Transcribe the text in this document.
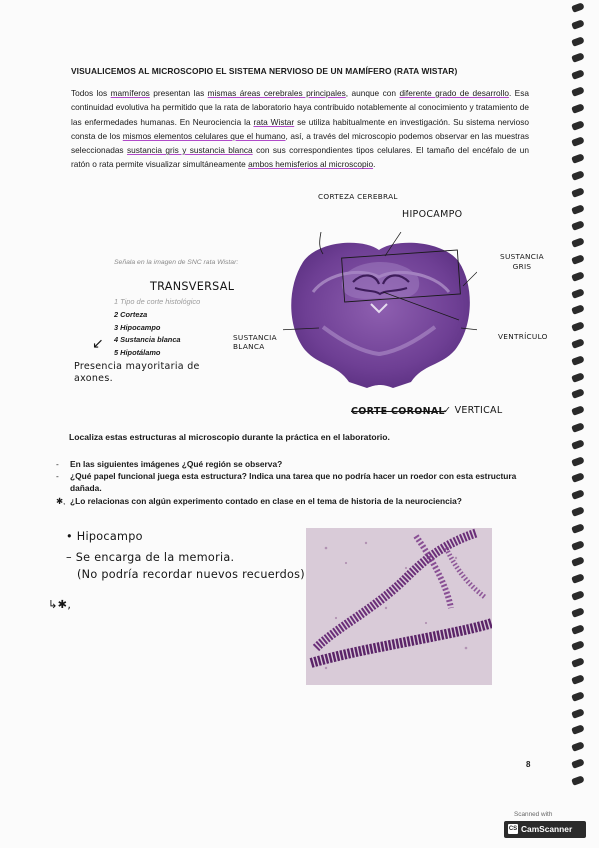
VISUALICEMOS AL MICROSCOPIO EL SISTEMA NERVIOSO DE UN MAMÍFERO (RATA WISTAR)
Todos los mamíferos presentan las mismas áreas cerebrales principales, aunque con diferente grado de desarrollo. Esa continuidad evolutiva ha permitido que la rata de laboratorio haya contribuido notablemente al conocimiento y tratamiento de las enfermedades humanas. En Neurociencia la rata Wistar se utiliza habitualmente en investigación. Su sistema nervioso consta de los mismos elementos celulares que el humano, así, a través del microscopio podemos observar en las muestras seleccionadas sustancia gris y sustancia blanca con sus correspondientes tipos celulares. El tamaño del encéfalo de un ratón o rata permite visualizar simultáneamente ambos hemisferios al microscopio.
CORTEZA CEREBRAL
HIPOCAMPO
SUSTANCIA GRIS
SUSTANCIA BLANCA
VENTRÍCULO
Señala en la imagen de SNC rata Wistar:
TRANSVERSAL
1 Tipo de corte histológico
2 Corteza
3 Hipocampo
4 Sustancia blanca
5 Hipotálamo
↙
Presencia mayoritaria de axones.
CORTE CORONAL
✓ VERTICAL
Localiza estas estructuras al microscopio durante la práctica en el laboratorio.
- En las siguientes imágenes ¿Qué región se observa?
- ¿Qué papel funcional juega esta estructura? Indica una tarea que no podría hacer un roedor con esta estructura dañada.
✱, ¿Lo relacionas con algún experimento contado en clase en el tema de historia de la neurociencia?
• Hipocampo
– Se encarga de la memoria.
(No podría recordar nuevos recuerdos)
↳✱,
8
Scanned with
CS CamScanner
